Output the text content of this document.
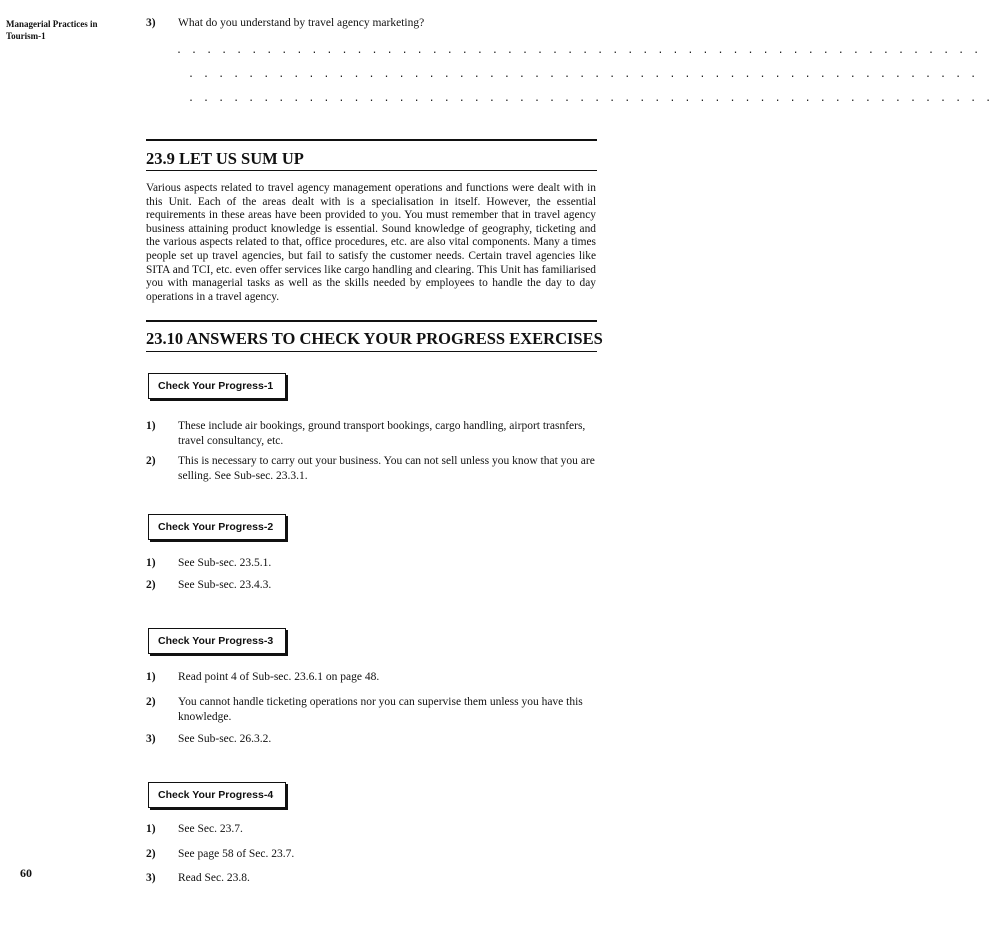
Managerial Practices in Tourism-1
60
3) What do you understand by travel agency marketing?
. . . . . . . . . . . . . . . . . . . . . . . . . . . . . . . . . . . . . . . . . . . . . . . . . . . . . .
. . . . . . . . . . . . . . . . . . . . . . . . . . . . . . . . . . . . . . . . . . . . . . . . . . . . .
. . . . . . . . . . . . . . . . . . . . . . . . . . . . . . . . . . . . . . . . . . . . . . . . . . . . . .
23.9 LET US SUM UP

Various aspects related to travel agency management operations and functions were dealt with in this Unit. Each of the areas dealt with is a specialisation in itself. However, the essential requirements in these areas have been provided to you. You must remember that in travel agency business attaining product knowledge is essential. Sound knowledge of geography, ticketing and the various aspects related to that, office procedures, etc. are also vital components. Many a times people set up travel agencies, but fail to satisfy the customer needs. Certain travel agencies like SITA and TCI, etc. even offer services like cargo handling and clearing. This Unit has familiarised you with managerial tasks as well as the skills needed by employees to handle the day to day operations in a travel agency.

23.10 ANSWERS TO CHECK YOUR PROGRESS EXERCISES
Check Your Progress-1
1) These include air bookings, ground transport bookings, cargo handling, airport trasnfers, travel consultancy, etc.
2) This is necessary to carry out your business. You can not sell unless you know that you are selling. See Sub-sec. 23.3.1.
Check Your Progress-2
1) See Sub-sec. 23.5.1.
2) See Sub-sec. 23.4.3.
Check Your Progress-3
1) Read point 4 of Sub-sec. 23.6.1 on page 48.
2) You cannot handle ticketing operations nor you can supervise them unless you have this knowledge.
3) See Sub-sec. 26.3.2.
Check Your Progress-4
1) See Sec. 23.7.
2) See page 58 of Sec. 23.7.
3) Read Sec. 23.8.
